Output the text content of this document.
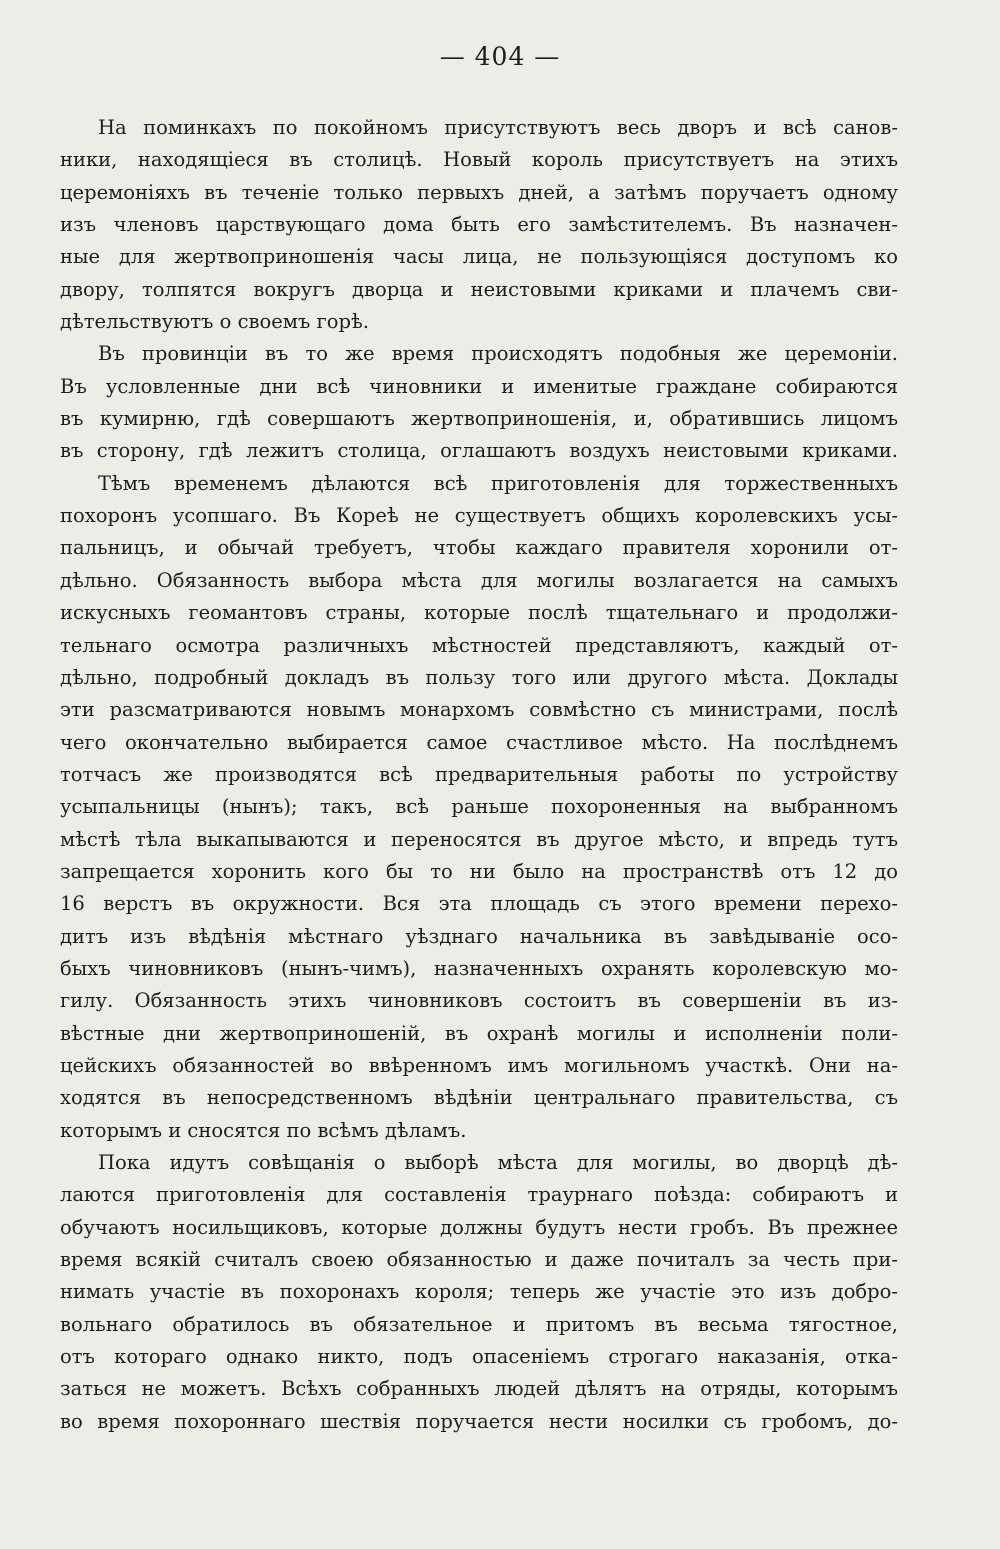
— 404 —
На поминкахъ по покойномъ присутствуютъ весь дворъ и всѣ санов-
ники, находящіеся въ столицѣ. Новый король присутствуетъ на этихъ
церемоніяхъ въ теченіе только первыхъ дней, а затѣмъ поручаетъ одному
изъ членовъ царствующаго дома быть его замѣстителемъ. Въ назначен-
ные для жертвоприношенія часы лица, не пользующіяся доступомъ ко
двору, толпятся вокругъ дворца и неистовыми криками и плачемъ сви-
дѣтельствуютъ о своемъ горѣ.
Въ провинціи въ то же время происходятъ подобныя же церемоніи.
Въ условленные дни всѣ чиновники и именитые граждане собираются
въ кумирню, гдѣ совершаютъ жертвоприношенія, и, обратившись лицомъ
въ сторону, гдѣ лежитъ столица, оглашаютъ воздухъ неистовыми криками.
Тѣмъ временемъ дѣлаются всѣ приготовленія для торжественныхъ
похоронъ усопшаго. Въ Кореѣ не существуетъ общихъ королевскихъ усы-
пальницъ, и обычай требуетъ, чтобы каждаго правителя хоронили от-
дѣльно. Обязанность выбора мѣста для могилы возлагается на самыхъ
искусныхъ геомантовъ страны, которые послѣ тщательнаго и продолжи-
тельнаго осмотра различныхъ мѣстностей представляютъ, каждый от-
дѣльно, подробный докладъ въ пользу того или другого мѣста. Доклады
эти разсматриваются новымъ монархомъ совмѣстно съ министрами, послѣ
чего окончательно выбирается самое счастливое мѣсто. На послѣднемъ
тотчасъ же производятся всѣ предварительныя работы по устройству
усыпальницы (нынъ); такъ, всѣ раньше похороненныя на выбранномъ
мѣстѣ тѣла выкапываются и переносятся въ другое мѣсто, и впредь тутъ
запрещается хоронить кого бы то ни было на пространствѣ отъ 12 до
16 верстъ въ окружности. Вся эта площадь съ этого времени перехо-
дитъ изъ вѣдѣнія мѣстнаго уѣзднаго начальника въ завѣдываніе осо-
быхъ чиновниковъ (нынъ-чимъ), назначенныхъ охранять королевскую мо-
гилу. Обязанность этихъ чиновниковъ состоитъ въ совершеніи въ из-
вѣстные дни жертвоприношеній, въ охранѣ могилы и исполненіи поли-
цейскихъ обязанностей во ввѣренномъ имъ могильномъ участкѣ. Они на-
ходятся въ непосредственномъ вѣдѣніи центральнаго правительства, съ
которымъ и сносятся по всѣмъ дѣламъ.
Пока идутъ совѣщанія о выборѣ мѣста для могилы, во дворцѣ дѣ-
лаются приготовленія для составленія траурнаго поѣзда: собираютъ и
обучаютъ носильщиковъ, которые должны будутъ нести гробъ. Въ прежнее
время всякій считалъ своею обязанностью и даже почиталъ за честь при-
нимать участіе въ похоронахъ короля; теперь же участіе это изъ добро-
вольнаго обратилось въ обязательное и притомъ въ весьма тягостное,
отъ котораго однако никто, подъ опасеніемъ строгаго наказанія, отка-
заться не можетъ. Всѣхъ собранныхъ людей дѣлятъ на отряды, которымъ
во время похороннаго шествія поручается нести носилки съ гробомъ, до-
